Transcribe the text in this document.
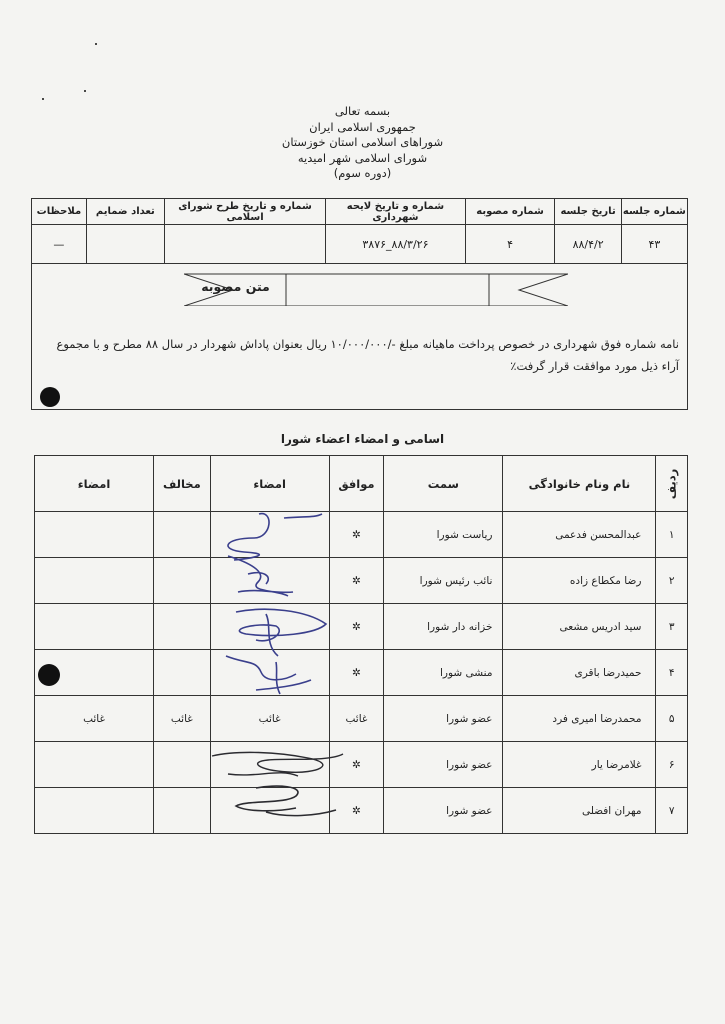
بسمه تعالی
جمهوری اسلامی ایران
شوراهای اسلامی استان خوزستان
شورای اسلامی شهر امیدیه
(دوره سوم)
شماره جلسه	تاریخ جلسه	شماره مصوبه	شماره و تاریخ لایحه شهرداری	شماره و تاریخ طرح شورای اسلامی	تعداد ضمایم	ملاحظات
۴۳	۸۸/۴/۲	۴	۸۸/۳/۲۶_۳۸۷۶			—
متن مصوبه
نامه شماره فوق شهرداری در خصوص پرداخت ماهیانه مبلغ -/۱۰/۰۰۰/۰۰۰ ریال بعنوان پاداش شهردار در سال ۸۸ مطرح و با مجموع آراء ذیل مورد موافقت قرار گرفت٪
اسامی و امضاء اعضاء شورا
ردیف	نام ونام خانوادگی	سمت	موافق	امضاء	مخالف	امضاء
۱	عبدالمحسن فدعمی	ریاست شورا	✲			
۲	رضا مکطاع زاده	نائب رئیس شورا	✲			
۳	سید ادریس مشعی	خزانه دار شورا	✲			
۴	حمیدرضا باقری	منشی شورا	✲			
۵	محمدرضا امیری فرد	عضو شورا	غائب	غائب	غائب	غائب
۶	غلامرضا یار	عضو شورا	✲			
۷	مهران افضلی	عضو شورا	✲			
